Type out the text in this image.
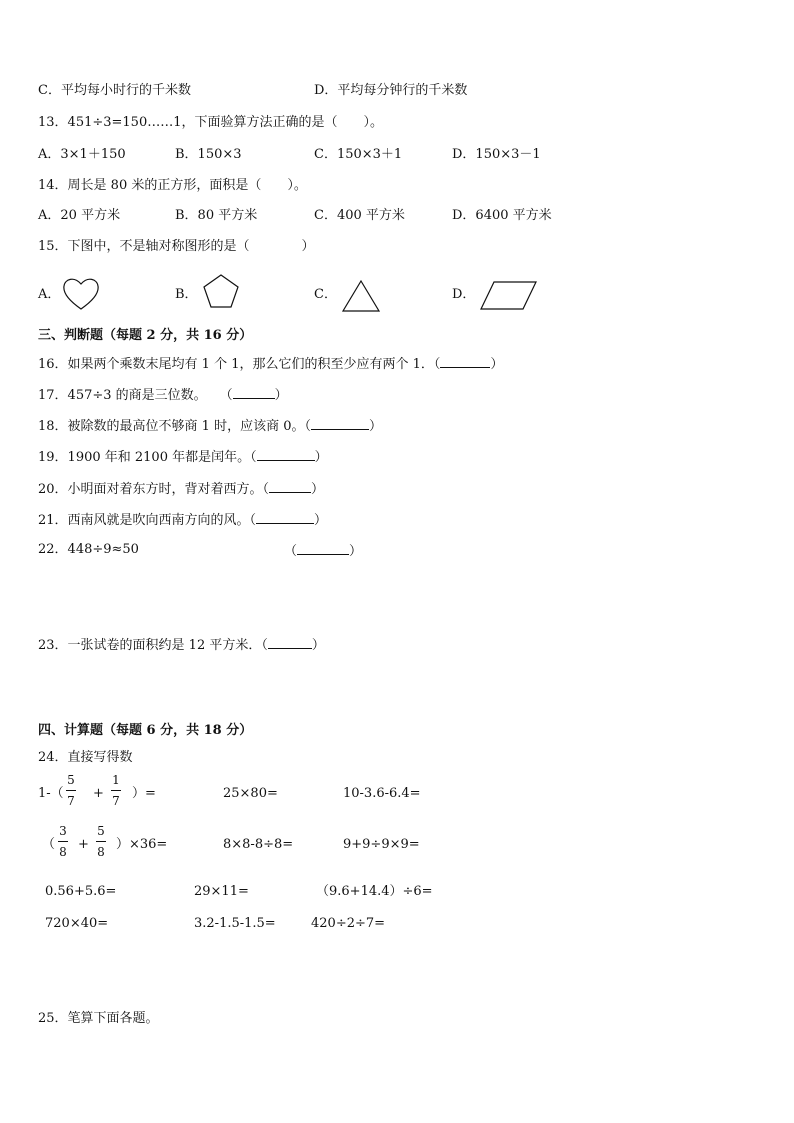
C．平均每小时行的千米数	D．平均每分钟行的千米数
13．451÷3=150……1，下面验算方法正确的是（　　）。
A．3×1＋150	B．150×3	C．150×3＋1	D．150×3－1
14．周长是 80 米的正方形，面积是（　　）。
A．20 平方米	B．80 平方米	C．400 平方米	D．6400 平方米
15．下图中，不是轴对称图形的是（　　　　）
A．	B．	C．	D．
三、判断题（每题 2 分，共 16 分）
16．如果两个乘数末尾均有 1 个 1，那么它们的积至少应有两个 1．（	）
17．457÷3 的商是三位数。　　（	）
18．被除数的最高位不够商 1 时，应该商 0。（	）
19．1900 年和 2100 年都是闰年。（	）
20．小明面对着东方时，背对着西方。（	）
21．西南风就是吹向西南方向的风。（	）
22．448÷9≈50	（	）
23．一张试卷的面积约是 12 平方米．（	）
四、计算题（每题 6 分，共 18 分）
24．直接写得数
1-（
5
7 +
1
7 ）=	25×80=	10-3.6-6.4=
（
3
8 +
5
8 ）×36=	8×8-8÷8=	9+9÷9×9=
0.56+5.6=	29×11=	（9.6+14.4）÷6=
720×40=	3.2-1.5-1.5=	420÷2÷7=
25．笔算下面各题。
